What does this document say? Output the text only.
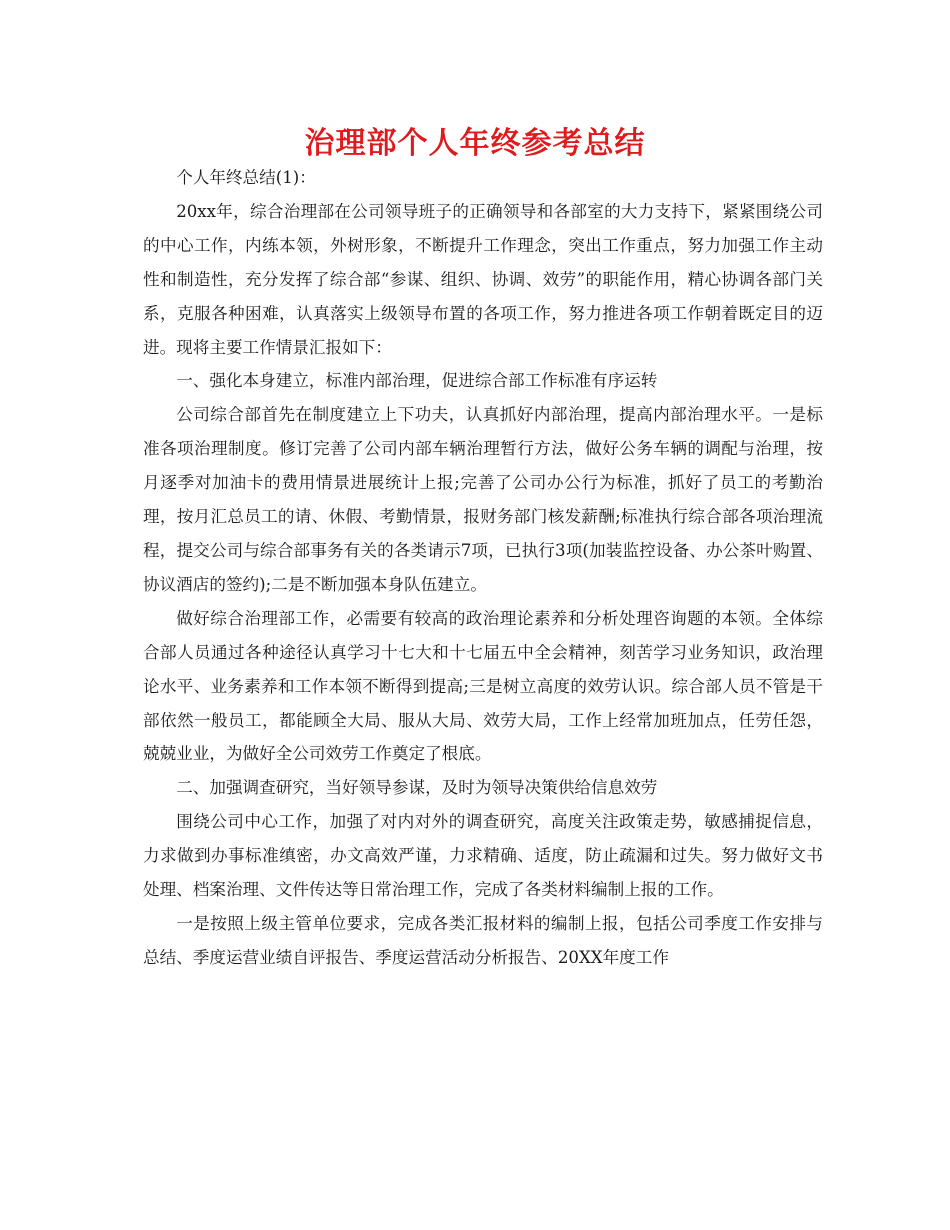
治理部个人年终参考总结

个人年终总结(1)：

20xx年，综合治理部在公司领导班子的正确领导和各部室的大力支持下，紧紧围绕公司的中心工作，内练本领，外树形象，不断提升工作理念，突出工作重点，努力加强工作主动性和制造性，充分发挥了综合部“参谋、组织、协调、效劳”的职能作用，精心协调各部门关系，克服各种困难，认真落实上级领导布置的各项工作，努力推进各项工作朝着既定目的迈进。现将主要工作情景汇报如下：

一、强化本身建立，标准内部治理，促进综合部工作标准有序运转

公司综合部首先在制度建立上下功夫，认真抓好内部治理，提高内部治理水平。一是标准各项治理制度。修订完善了公司内部车辆治理暂行方法，做好公务车辆的调配与治理，按月逐季对加油卡的费用情景进展统计上报;完善了公司办公行为标准，抓好了员工的考勤治理，按月汇总员工的请、休假、考勤情景，报财务部门核发薪酬;标准执行综合部各项治理流程，提交公司与综合部事务有关的各类请示7项，已执行3项(加装监控设备、办公茶叶购置、协议酒店的签约);二是不断加强本身队伍建立。

做好综合治理部工作，必需要有较高的政治理论素养和分析处理咨询题的本领。全体综合部人员通过各种途径认真学习十七大和十七届五中全会精神，刻苦学习业务知识，政治理论水平、业务素养和工作本领不断得到提高;三是树立高度的效劳认识。综合部人员不管是干部依然一般员工，都能顾全大局、服从大局、效劳大局，工作上经常加班加点，任劳任怨，兢兢业业，为做好全公司效劳工作奠定了根底。

二、加强调查研究，当好领导参谋，及时为领导决策供给信息效劳

围绕公司中心工作，加强了对内对外的调查研究，高度关注政策走势，敏感捕捉信息，力求做到办事标准缜密，办文高效严谨，力求精确、适度，防止疏漏和过失。努力做好文书处理、档案治理、文件传达等日常治理工作，完成了各类材料编制上报的工作。

一是按照上级主管单位要求，完成各类汇报材料的编制上报，包括公司季度工作安排与总结、季度运营业绩自评报告、季度运营活动分析报告、20XX年度工作
